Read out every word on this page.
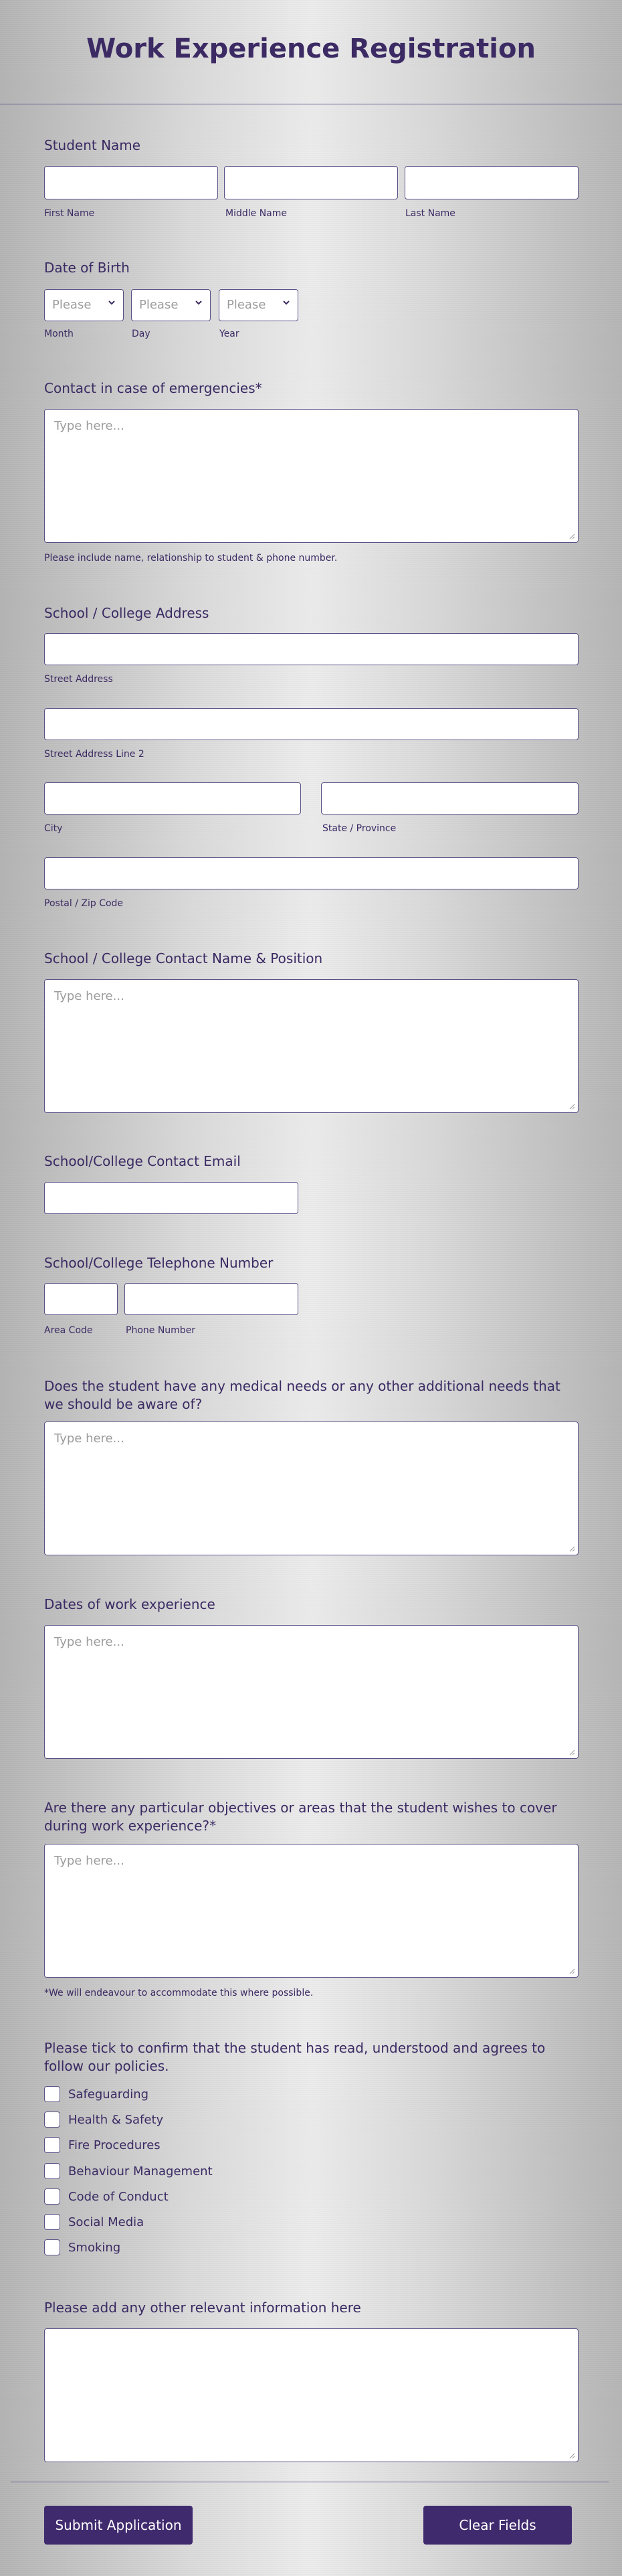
Work Experience Registration
Student Name
First Name	Middle Name	Last Name
Date of Birth
Please	Please	Please
Month	Day	Year
Contact in case of emergencies*
Type here...
Please include name, relationship to student & phone number.
School / College Address
Street Address
Street Address Line 2
City	State / Province
Postal / Zip Code
School / College Contact Name & Position
Type here...
School/College Contact Email
School/College Telephone Number
Area Code	Phone Number
Does the student have any medical needs or any other additional needs that we should be aware of?
Type here...
Dates of work experience
Type here...
Are there any particular objectives or areas that the student wishes to cover during work experience?*
Type here...
*We will endeavour to accommodate this where possible.
Please tick to confirm that the student has read, understood and agrees to follow our policies.
Safeguarding
Health & Safety
Fire Procedures
Behaviour Management
Code of Conduct
Social Media
Smoking
Please add any other relevant information here
Submit Application	Clear Fields
